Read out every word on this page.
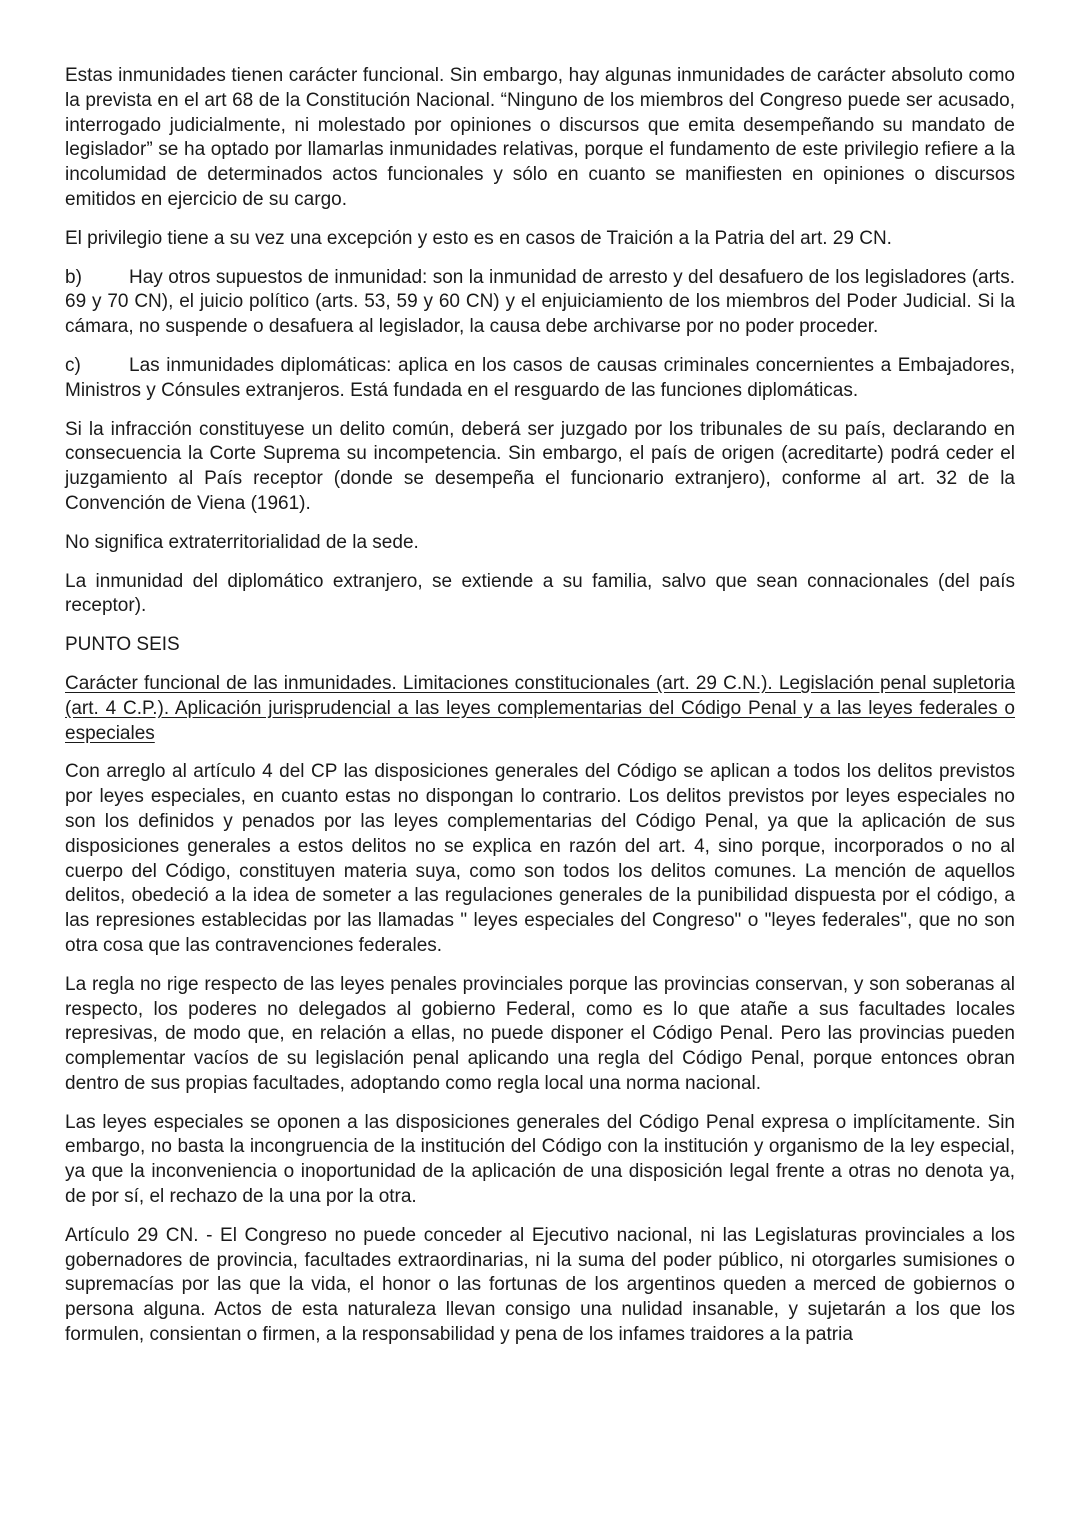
Estas inmunidades tienen carácter funcional. Sin embargo, hay algunas inmunidades de carácter absoluto como la prevista en el art 68 de la Constitución Nacional. “Ninguno de los miembros del Congreso puede ser acusado, interrogado judicialmente, ni molestado por opiniones o discursos que emita desempeñando su mandato de legislador” se ha optado por llamarlas inmunidades relativas, porque el fundamento de este privilegio refiere a la incolumidad de determinados actos funcionales y sólo en cuanto se manifiesten en opiniones o discursos emitidos en ejercicio de su cargo.

El privilegio tiene a su vez una excepción y esto es en casos de Traición a la Patria del art. 29 CN.

b) Hay otros supuestos de inmunidad: son la inmunidad de arresto y del desafuero de los legisladores (arts. 69 y 70 CN), el juicio político (arts. 53, 59 y 60 CN) y el enjuiciamiento de los miembros del Poder Judicial. Si la cámara, no suspende o desafuera al legislador, la causa debe archivarse por no poder proceder.

c)	Las inmunidades diplomáticas: aplica en los casos de causas criminales concernientes a Embajadores, Ministros y Cónsules extranjeros. Está fundada en el resguardo de las funciones diplomáticas.

Si la infracción constituyese un delito común, deberá ser juzgado por los tribunales de su país, declarando en consecuencia la Corte Suprema su incompetencia. Sin embargo, el país de origen (acreditarte) podrá ceder el juzgamiento al País receptor (donde se desempeña el funcionario extranjero), conforme al art. 32 de la Convención de Viena (1961).

No significa extraterritorialidad de la sede.

La inmunidad del diplomático extranjero, se extiende a su familia, salvo que sean connacionales (del país receptor).

PUNTO SEIS

Carácter funcional de las inmunidades. Limitaciones constitucionales (art. 29 C.N.). Legislación penal supletoria (art. 4 C.P.). Aplicación jurisprudencial a las leyes complementarias del Código Penal y a las leyes federales o especiales

Con arreglo al artículo 4 del CP las disposiciones generales del Código se aplican a todos los delitos previstos por leyes especiales, en cuanto estas no dispongan lo contrario. Los delitos previstos por leyes especiales no son los definidos y penados por las leyes complementarias del Código Penal, ya que la aplicación de sus disposiciones generales a estos delitos no se explica en razón del art. 4, sino porque, incorporados o no al cuerpo del Código, constituyen materia suya, como son todos los delitos comunes. La mención de aquellos delitos, obedeció a la idea de someter a las regulaciones generales de la punibilidad dispuesta por el código, a las represiones establecidas por las llamadas " leyes especiales del Congreso" o "leyes federales", que no son otra cosa que las contravenciones federales.

La regla no rige respecto de las leyes penales provinciales porque las provincias conservan, y son soberanas al respecto, los poderes no delegados al gobierno Federal, como es lo que atañe a sus facultades locales represivas, de modo que, en relación a ellas, no puede disponer el Código Penal. Pero las provincias pueden complementar vacíos de su legislación penal aplicando una regla del Código Penal, porque entonces obran dentro de sus propias facultades, adoptando como regla local una norma nacional.

Las leyes especiales se oponen a las disposiciones generales del Código Penal expresa o implícitamente. Sin embargo, no basta la incongruencia de la institución del Código con la institución y organismo de la ley especial, ya que la inconveniencia o inoportunidad de la aplicación de una disposición legal frente a otras no denota ya, de por sí, el rechazo de la una por la otra.

Artículo 29 CN. - El Congreso no puede conceder al Ejecutivo nacional, ni las Legislaturas provinciales a los gobernadores de provincia, facultades extraordinarias, ni la suma del poder público, ni otorgarles sumisiones o supremacías por las que la vida, el honor o las fortunas de los argentinos queden a merced de gobiernos o persona alguna. Actos de esta naturaleza llevan consigo una nulidad insanable, y sujetarán a los que los formulen, consientan o firmen, a la responsabilidad y pena de los infames traidores a la patria
